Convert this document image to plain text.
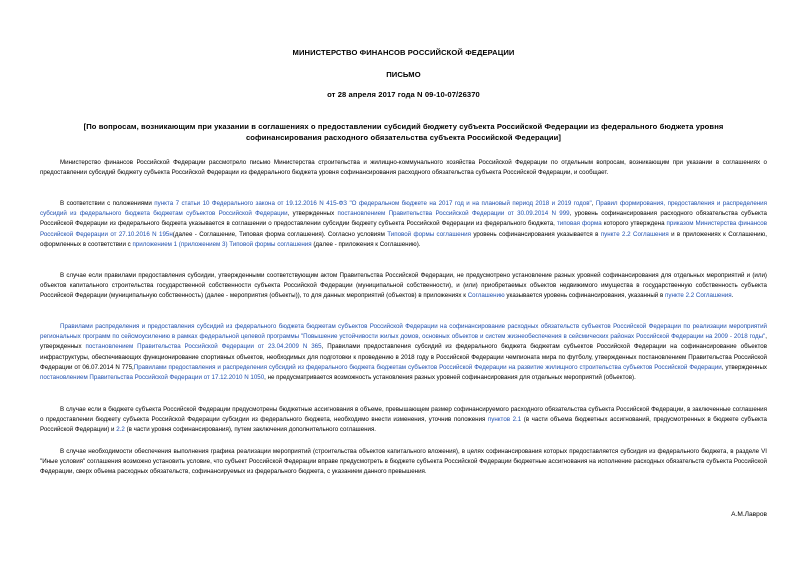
МИНИСТЕРСТВО ФИНАНСОВ РОССИЙСКОЙ ФЕДЕРАЦИИ
ПИСЬМО
от 28 апреля 2017 года N 09-10-07/26370
[По вопросам, возникающим при указании в соглашениях о предоставлении субсидий бюджету субъекта Российской Федерации из федерального бюджета уровня софинансирования расходного обязательства субъекта Российской Федерации]

Министерство финансов Российской Федерации рассмотрело письмо Министерства строительства и жилищно-коммунального хозяйства Российской Федерации по отдельным вопросам, возникающим при указании в соглашениях о предоставлении субсидий бюджету субъекта Российской Федерации из федерального бюджета уровня софинансирования расходного обязательства субъекта Российской Федерации, и сообщает.

В соответствии с положениями пункта 7 статьи 10 Федерального закона от 19.12.2016 N 415-ФЗ "О федеральном бюджете на 2017 год и на плановый период 2018 и 2019 годов", Правил формирования, предоставления и распределения субсидий из федерального бюджета бюджетам субъектов Российской Федерации, утвержденных постановлением Правительства Российской Федерации от 30.09.2014 N 999, уровень софинансирования расходного обязательства субъекта Российской Федерации из федерального бюджета указывается в соглашении о предоставлении субсидии бюджету субъекта Российской Федерации из федерального бюджета, типовая форма которого утверждена приказом Министерства финансов Российской Федерации от 27.10.2016 N 195н(далее - Соглашение, Типовая форма соглашения). Согласно условиям Типовой формы соглашения уровень софинансирования указывается в пункте 2.2 Соглашения и в приложениях к Соглашению, оформленных в соответствии с приложением 1 (приложением 3) Типовой формы соглашения (далее - приложения к Соглашению).

В случае если правилами предоставления субсидии, утвержденными соответствующим актом Правительства Российской Федерации, не предусмотрено установление разных уровней софинансирования для отдельных мероприятий и (или) объектов капитального строительства государственной собственности субъекта Российской Федерации (муниципальной собственности), и (или) приобретаемых объектов недвижимого имущества в государственную собственность субъекта Российской Федерации (муниципальную собственность) (далее - мероприятия (объекты)), то для данных мероприятий (объектов) в приложениях к Соглашению указывается уровень софинансирования, указанный в пункте 2.2 Соглашения.

Правилами распределения и предоставления субсидий из федерального бюджета бюджетам субъектов Российской Федерации на софинансирование расходных обязательств субъектов Российской Федерации по реализации мероприятий региональных программ по сейсмоусилению в рамках федеральной целевой программы "Повышение устойчивости жилых домов, основных объектов и систем жизнеобеспечения в сейсмических районах Российской Федерации на 2009 - 2018 годы", утвержденных постановлением Правительства Российской Федерации от 23.04.2009 N 365, Правилами предоставления субсидий из федерального бюджета бюджетам субъектов Российской Федерации на софинансирование объектов инфраструктуры, обеспечивающих функционирование спортивных объектов, необходимых для подготовки к проведению в 2018 году в Российской Федерации чемпионата мира по футболу, утвержденных постановлением Правительства Российской Федерации от 06.07.2014 N 775,Правилами предоставления и распределения субсидий из федерального бюджета бюджетам субъектов Российской Федерации на развитие жилищного строительства субъектов Российской Федерации, утвержденных постановлением Правительства Российской Федерации от 17.12.2010 N 1050, не предусматривается возможность установления разных уровней софинансирования для отдельных мероприятий (объектов).

В случае если в бюджете субъекта Российской Федерации предусмотрены бюджетные ассигнования в объеме, превышающем размер софинансируемого расходного обязательства субъекта Российской Федерации, в заключенные соглашения о предоставлении бюджету субъекта Российской Федерации субсидии из федерального бюджета, необходимо внести изменения, уточнив положения пунктов 2.1 (в части объема бюджетных ассигнований, предусмотренных в бюджете субъекта Российской Федерации) и 2.2 (в части уровня софинансирования), путем заключения дополнительного соглашения.

В случае необходимости обеспечения выполнения графика реализации мероприятий (строительства объектов капитального вложения), в целях софинансирования которых предоставляется субсидия из федерального бюджета, в разделе VI "Иные условия" соглашения возможно установить условие, что субъект Российской Федерации вправе предусмотреть в бюджете субъекта Российской Федерации бюджетные ассигнования на исполнение расходных обязательств субъекта Российской Федерации, сверх объема расходных обязательств, софинансируемых из федерального бюджета, с указанием данного превышения.

А.М.Лавров
